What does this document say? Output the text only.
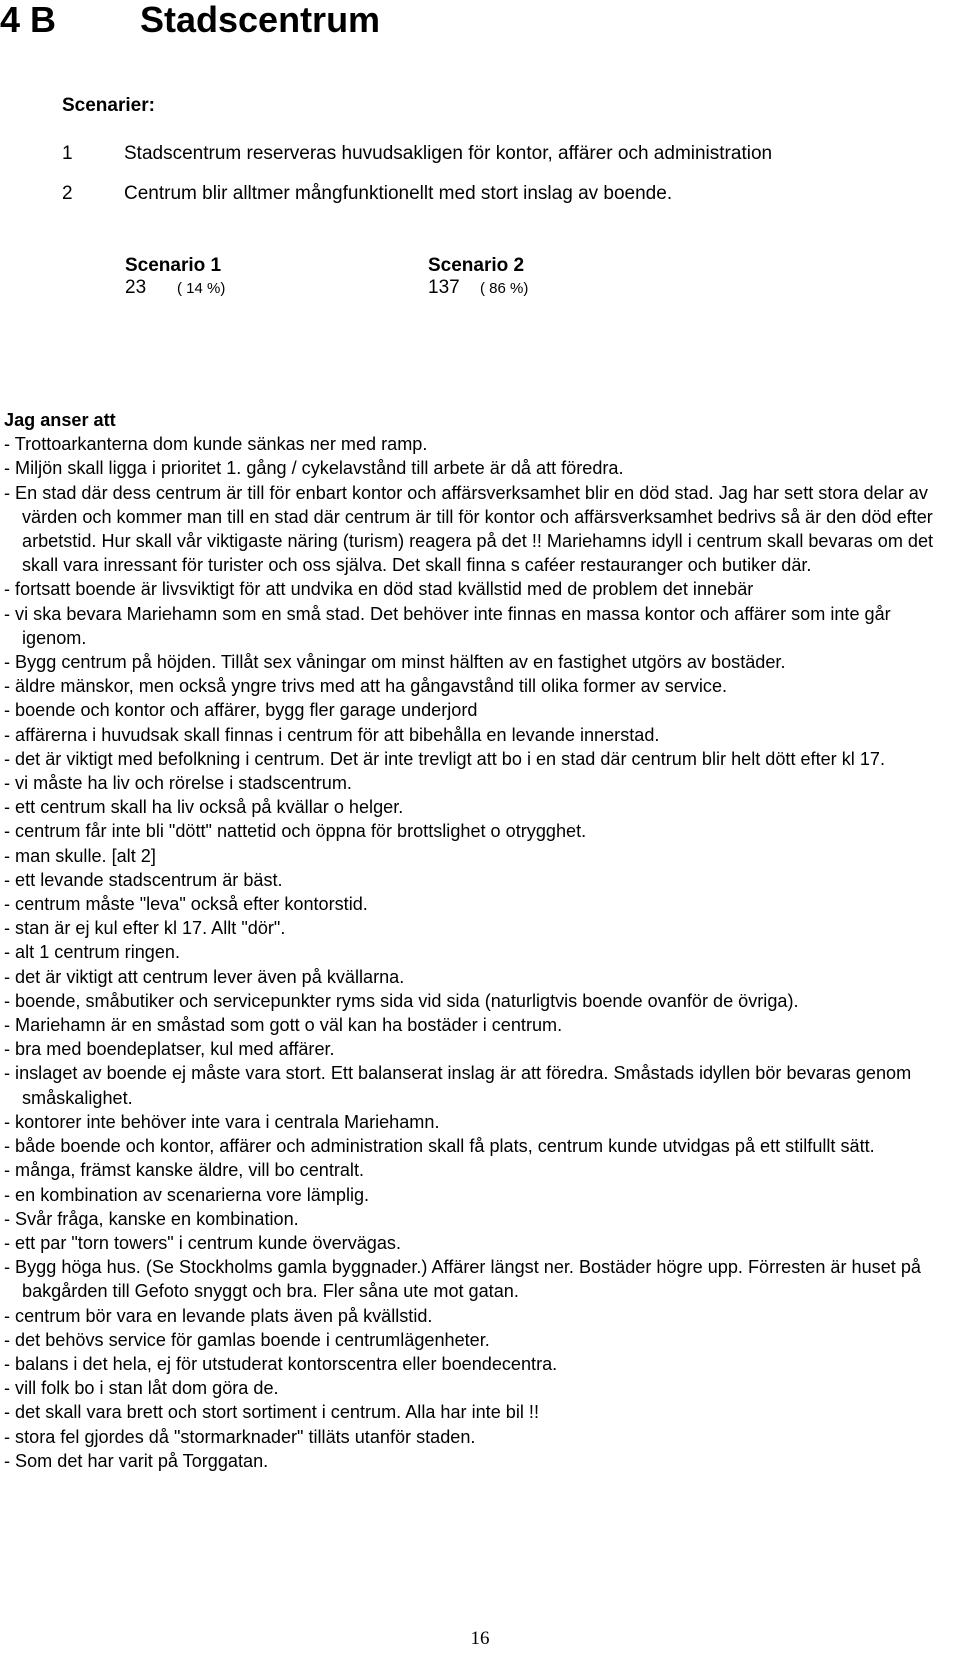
4 B Stadscentrum
Scenarier:
1	Stadscentrum reserveras huvudsakligen för kontor, affärer och administration
2	Centrum blir alltmer mångfunktionellt med stort inslag av boende.
Scenario 1
23 ( 14 %)
Scenario 2
137 ( 86 %)
Jag anser att
- Trottoarkanterna dom kunde sänkas ner med ramp.
- Miljön skall ligga i prioritet 1. gång / cykelavstånd till arbete är då att föredra.
- En stad där dess centrum är till för enbart kontor och affärsverksamhet blir en död stad. Jag har sett stora delar av värden och kommer man till en stad där centrum är till för kontor och affärsverksamhet bedrivs så är den död efter arbetstid. Hur skall vår viktigaste näring (turism) reagera på det !! Mariehamns idyll i centrum skall bevaras om det skall vara inressant för turister och oss själva. Det skall finna s caféer restauranger och butiker där.
- fortsatt boende är livsviktigt för att undvika en död stad kvällstid med de problem det innebär
- vi ska bevara Mariehamn som en små stad. Det behöver inte finnas en massa kontor och affärer som inte går igenom.
- Bygg centrum på höjden. Tillåt sex våningar om minst hälften av en fastighet utgörs av bostäder.
- äldre mänskor, men också yngre trivs med att ha gångavstånd till olika former av service.
- boende och kontor och affärer, bygg fler garage underjord
- affärerna i huvudsak skall finnas i centrum för att bibehålla en levande innerstad.
- det är viktigt med befolkning i centrum. Det är inte trevligt att bo i en stad där centrum blir helt dött efter kl 17.
- vi måste ha liv och rörelse i stadscentrum.
- ett centrum skall ha liv också på kvällar o helger.
- centrum får inte bli "dött" nattetid och öppna för brottslighet o otrygghet.
- man skulle. [alt 2]
- ett levande stadscentrum är bäst.
- centrum måste "leva" också efter kontorstid.
- stan är ej kul efter kl 17. Allt "dör".
- alt 1 centrum ringen.
- det är viktigt att centrum lever även på kvällarna.
- boende, småbutiker och servicepunkter ryms sida vid sida (naturligtvis boende ovanför de övriga).
- Mariehamn är en småstad som gott o väl kan ha bostäder i centrum.
- bra med boendeplatser, kul med affärer.
- inslaget av boende ej måste vara stort. Ett balanserat inslag är att föredra. Småstads idyllen bör bevaras genom småskalighet.
- kontorer inte behöver inte vara i centrala Mariehamn.
- både boende och kontor, affärer och administration skall få plats, centrum kunde utvidgas på ett stilfullt sätt.
- många, främst kanske äldre, vill bo centralt.
- en kombination av scenarierna vore lämplig.
- Svår fråga, kanske en kombination.
- ett par "torn towers" i centrum kunde övervägas.
- Bygg höga hus. (Se Stockholms gamla byggnader.) Affärer längst ner. Bostäder högre upp. Förresten är huset på bakgården till Gefoto snyggt och bra. Fler såna ute mot gatan.
- centrum bör vara en levande plats även på kvällstid.
- det behövs service för gamlas boende i centrumlägenheter.
- balans i det hela, ej för utstuderat kontorscentra eller boendecentra.
- vill folk bo i stan låt dom göra de.
- det skall vara brett och stort sortiment i centrum. Alla har inte bil !!
- stora fel gjordes då "stormarknader" tilläts utanför staden.
- Som det har varit på Torggatan.
16
